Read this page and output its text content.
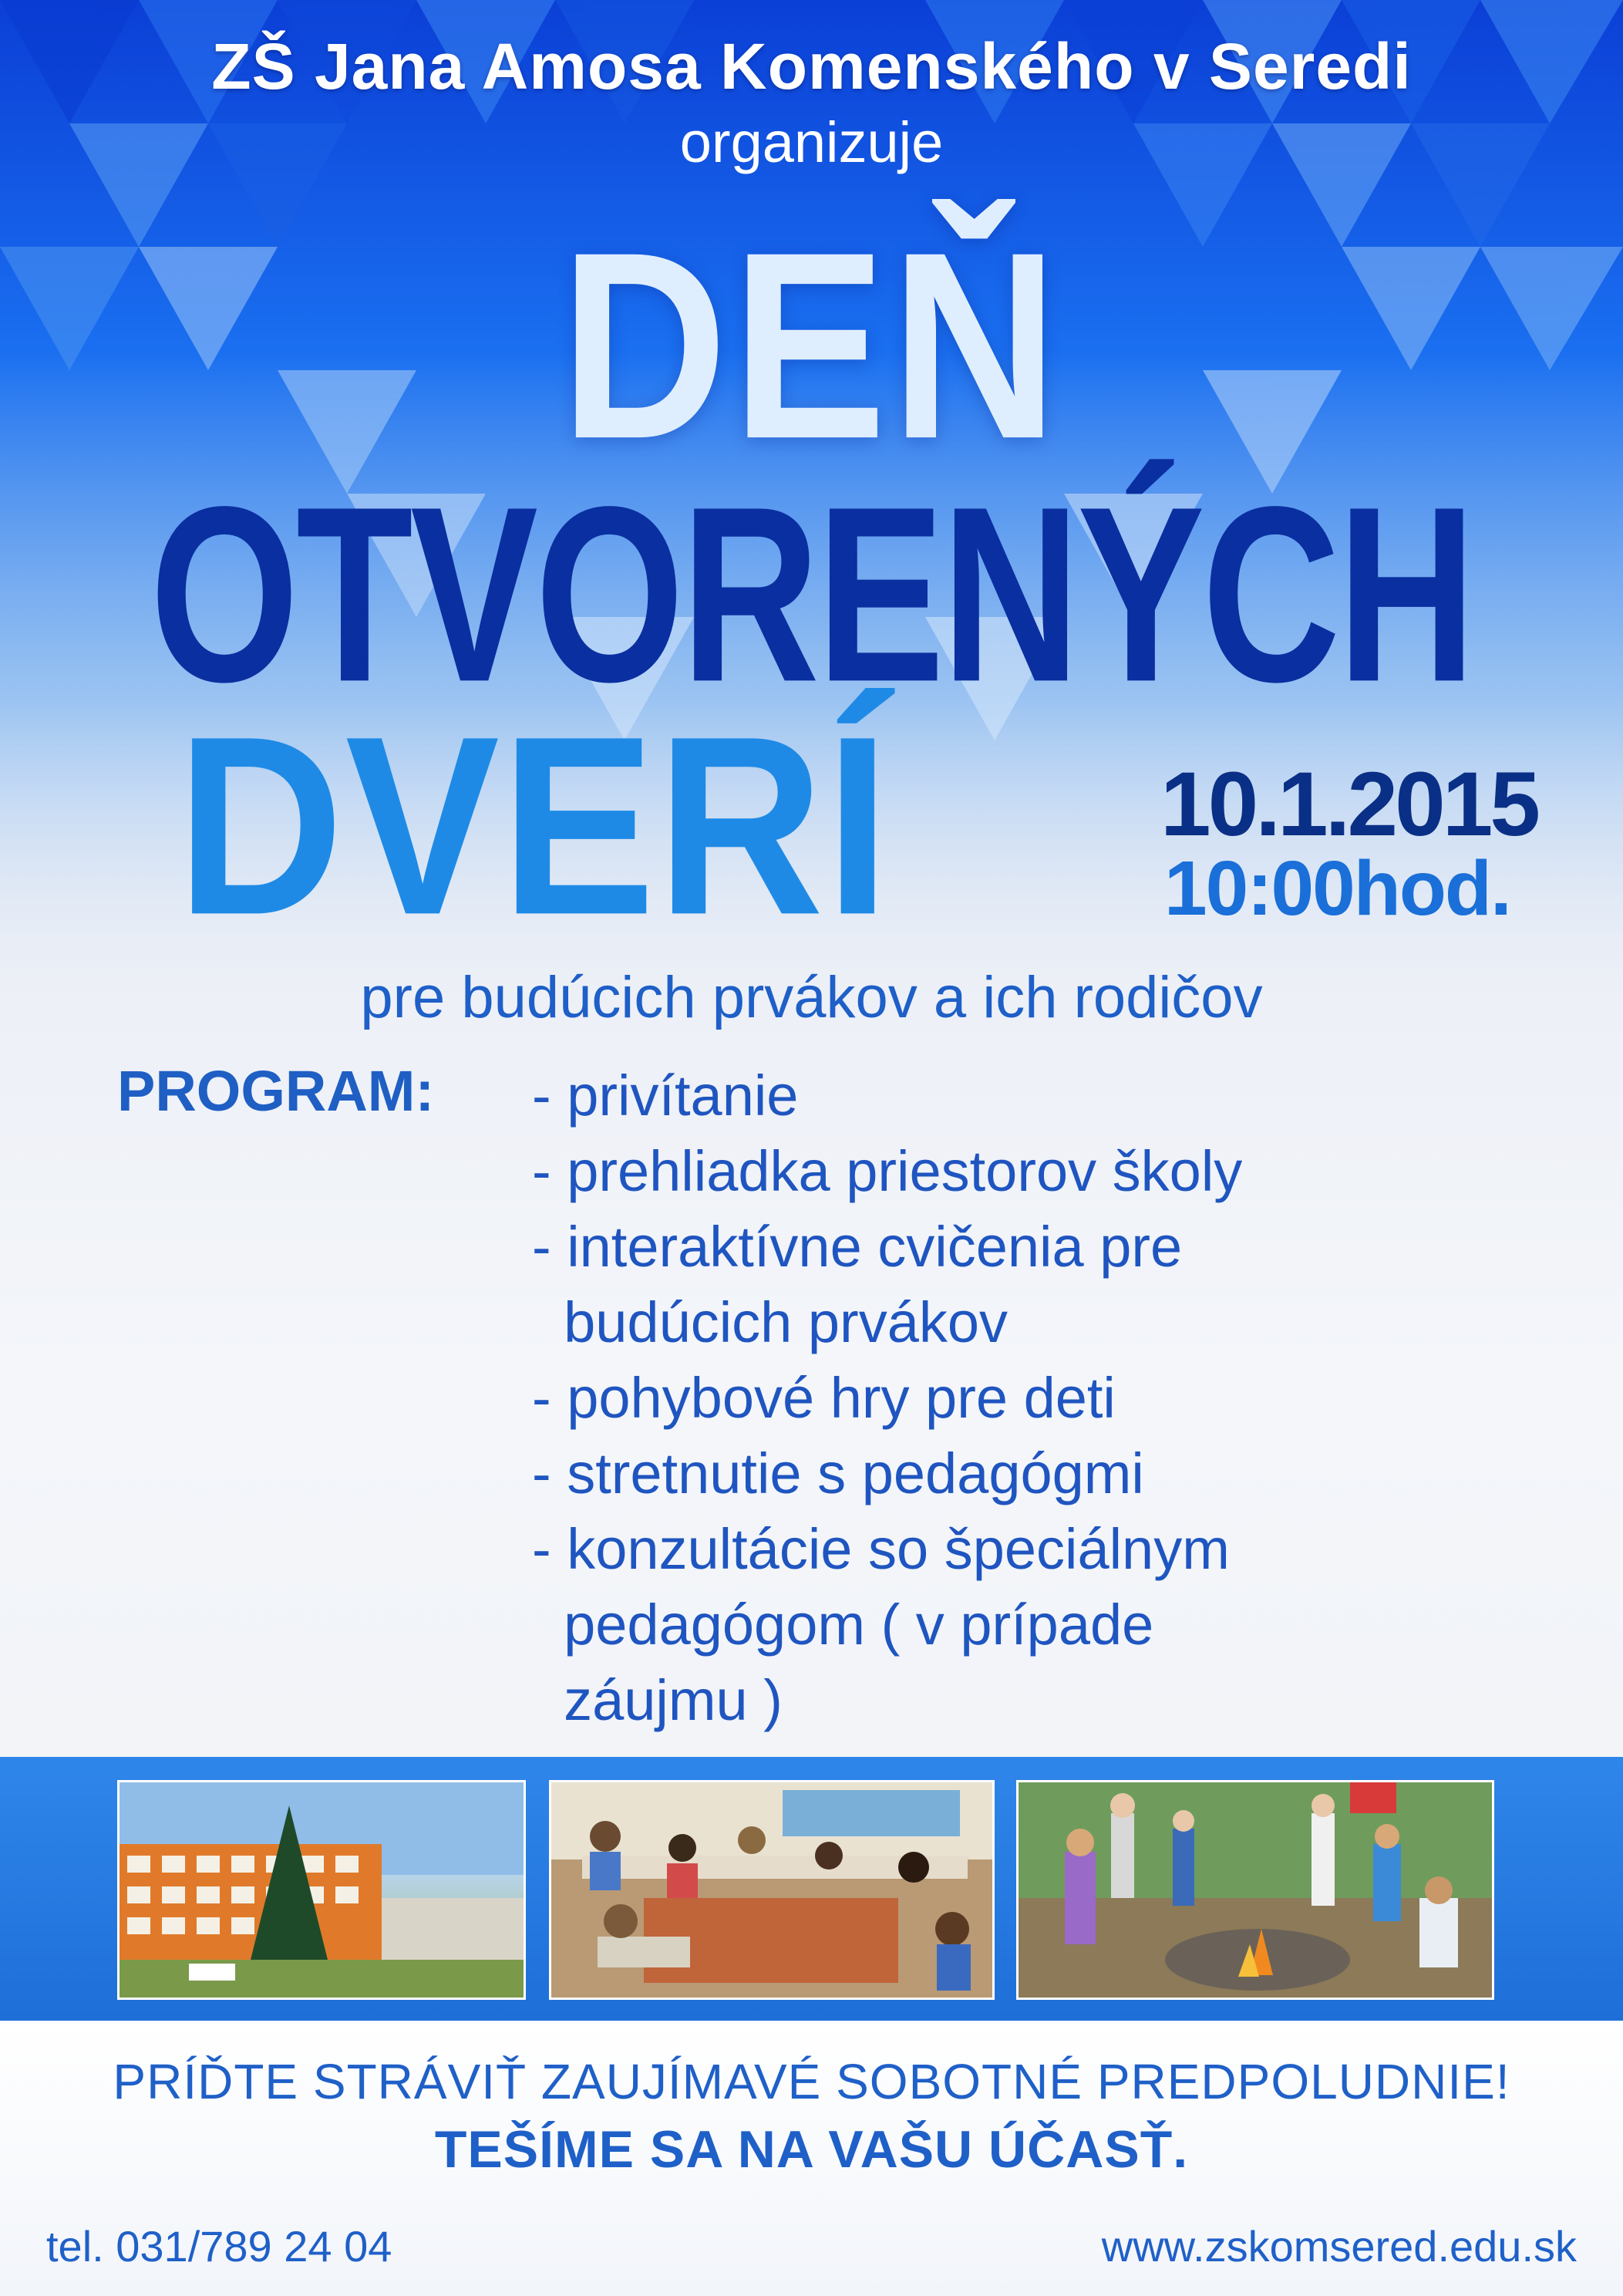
ZŠ Jana Amosa Komenského v Seredi
organizuje
DEŇ
OTVORENÝCH
DVERÍ	10.1.2015
10:00hod.
pre budúcich prvákov a ich rodičov
PROGRAM: - privítanie
- prehliadka priestorov školy
- interaktívne cvičenia pre
budúcich prvákov
- pohybové hry pre deti
- stretnutie s pedagógmi
- konzultácie so špeciálnym
pedagógom ( v prípade
záujmu )
PRÍĎTE STRÁVIŤ ZAUJÍMAVÉ SOBOTNÉ PREDPOLUDNIE!
TEŠÍME SA NA VAŠU ÚČASŤ.
tel. 031/789 24 04	www.zskomsered.edu.sk
